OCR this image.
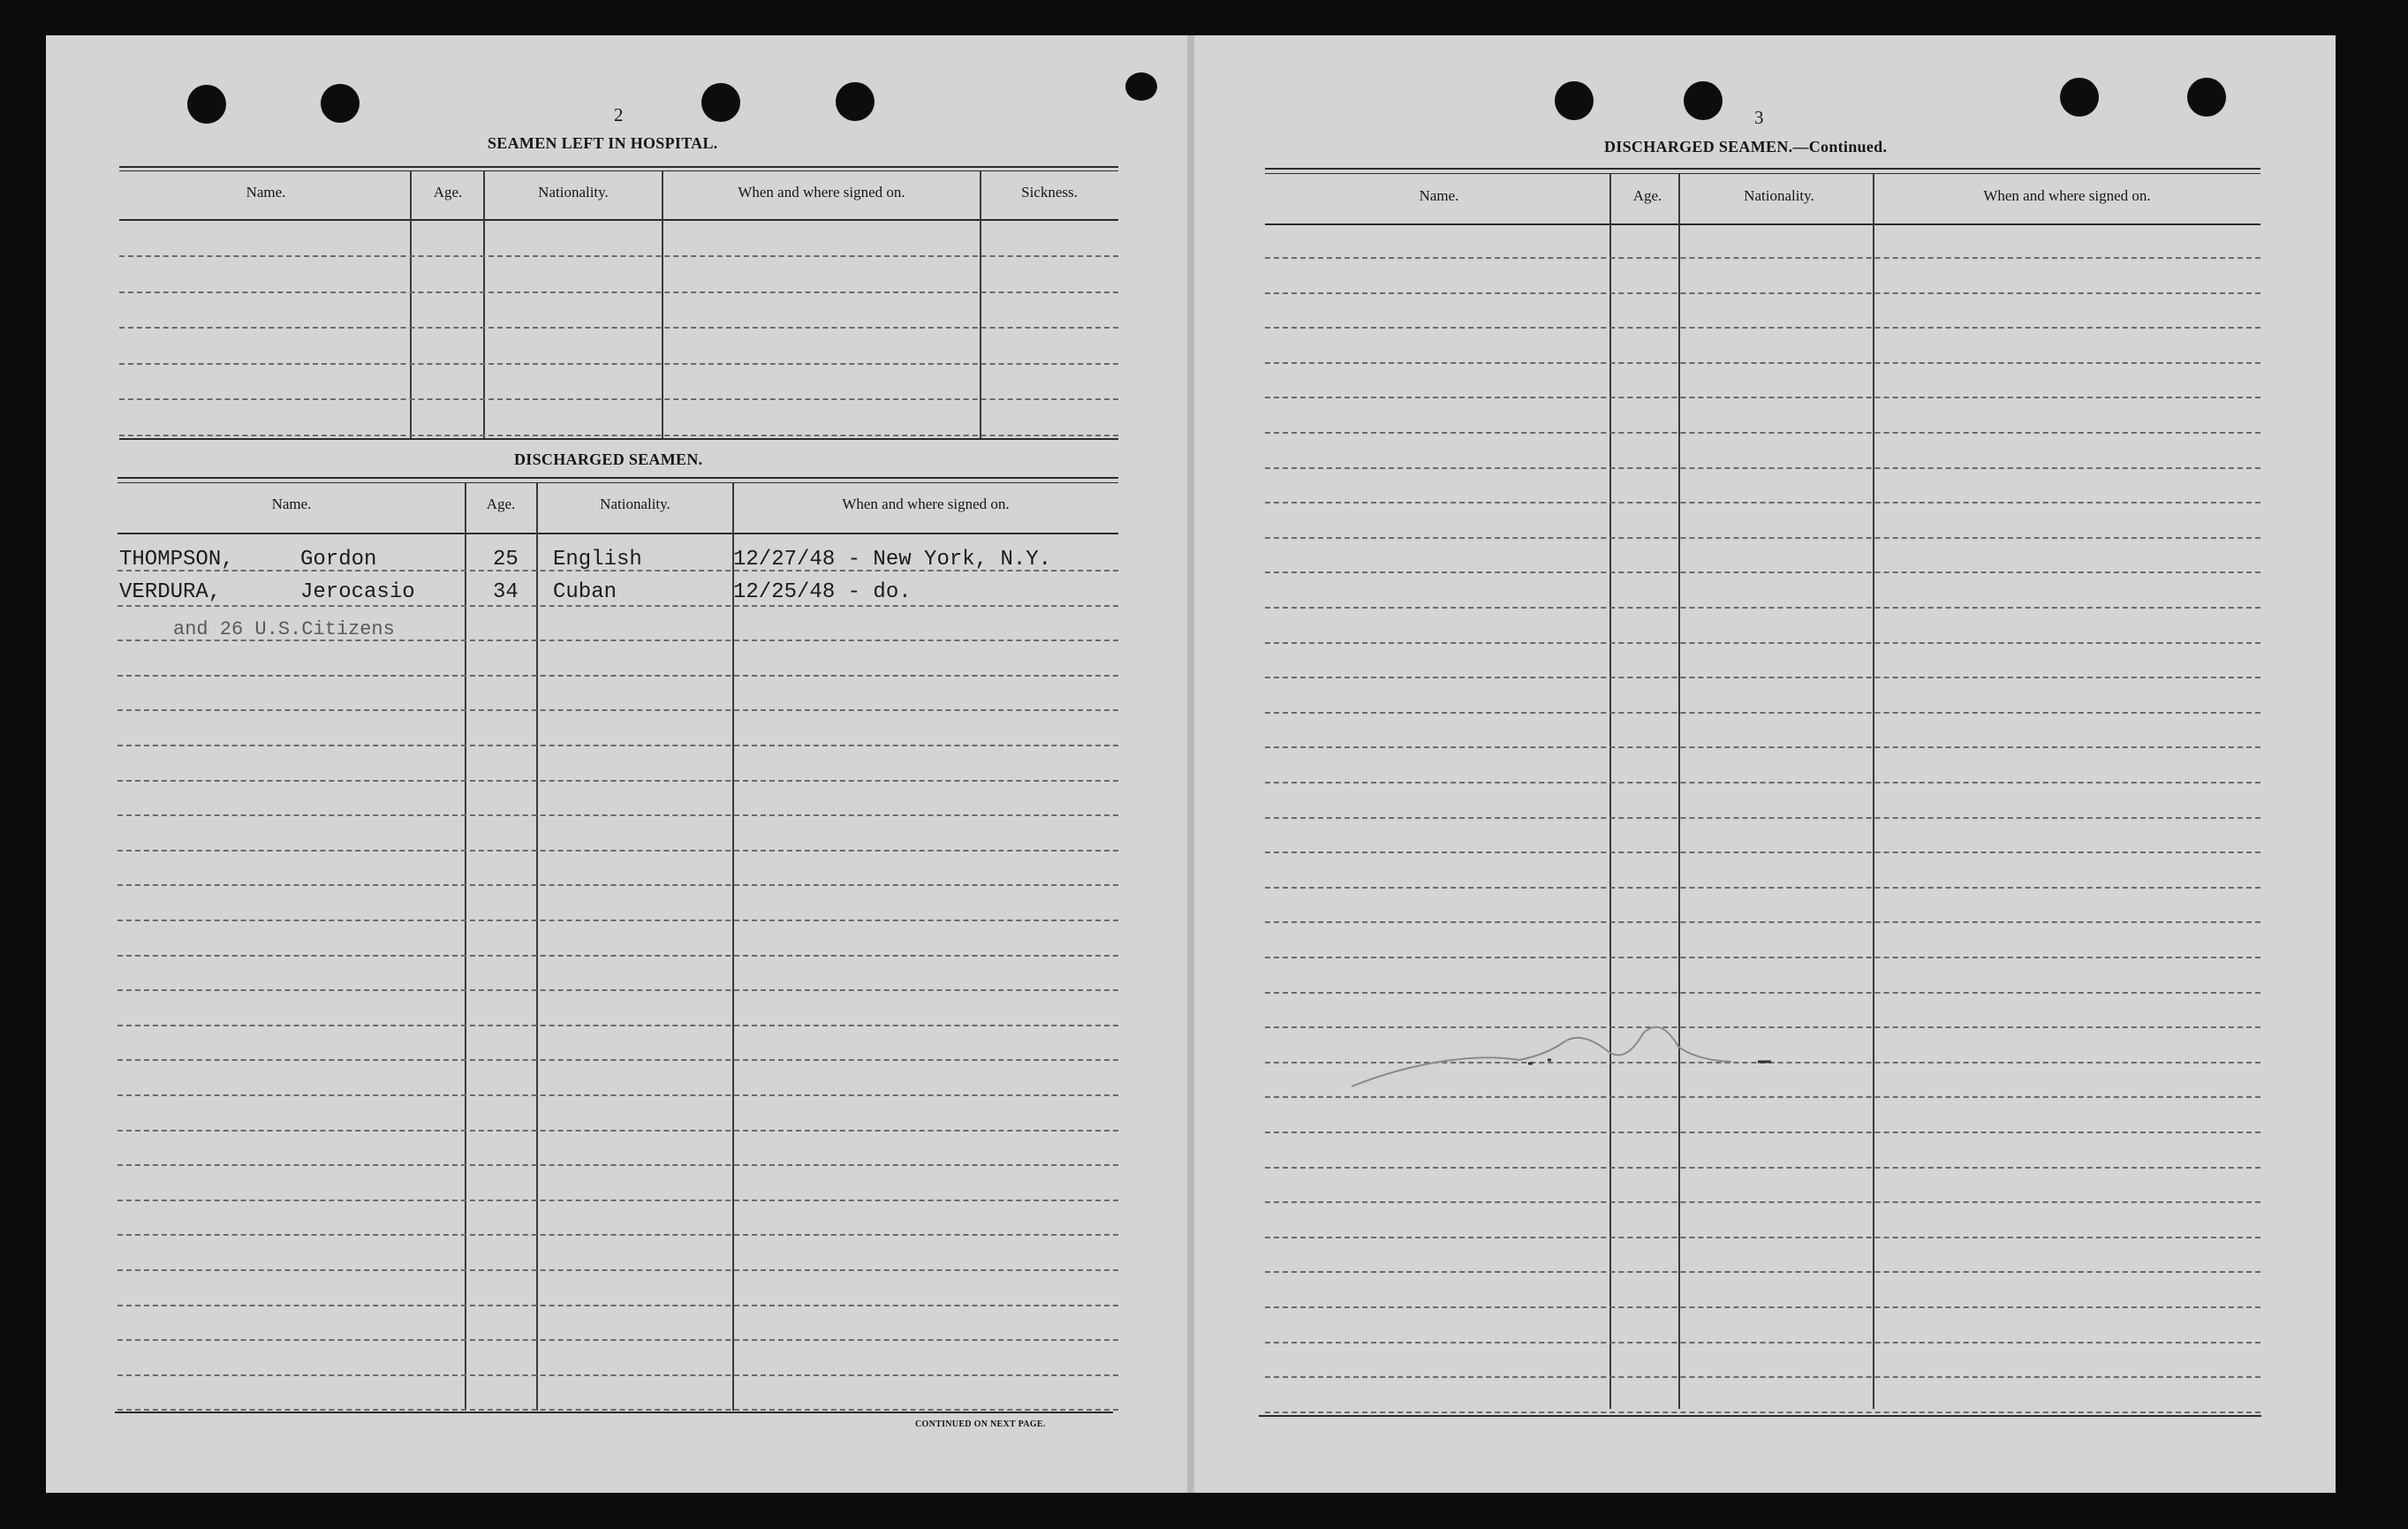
2
SEAMEN LEFT IN HOSPITAL.
Name.	Age.	Nationality.	When and where signed on.	Sickness.
DISCHARGED SEAMEN.
Name.	Age.	Nationality.	When and where signed on.
THOMPSON,	Gordon	25 English	12/27/48 - New York, N.Y.
VERDURA,	Jerocasio	34 Cuban	12/25/48 - do.
and 26 U.S.Citizens
CONTINUED ON NEXT PAGE.
3
DISCHARGED SEAMEN.—Continued.
Name.	Age.	Nationality.	When and where signed on.
